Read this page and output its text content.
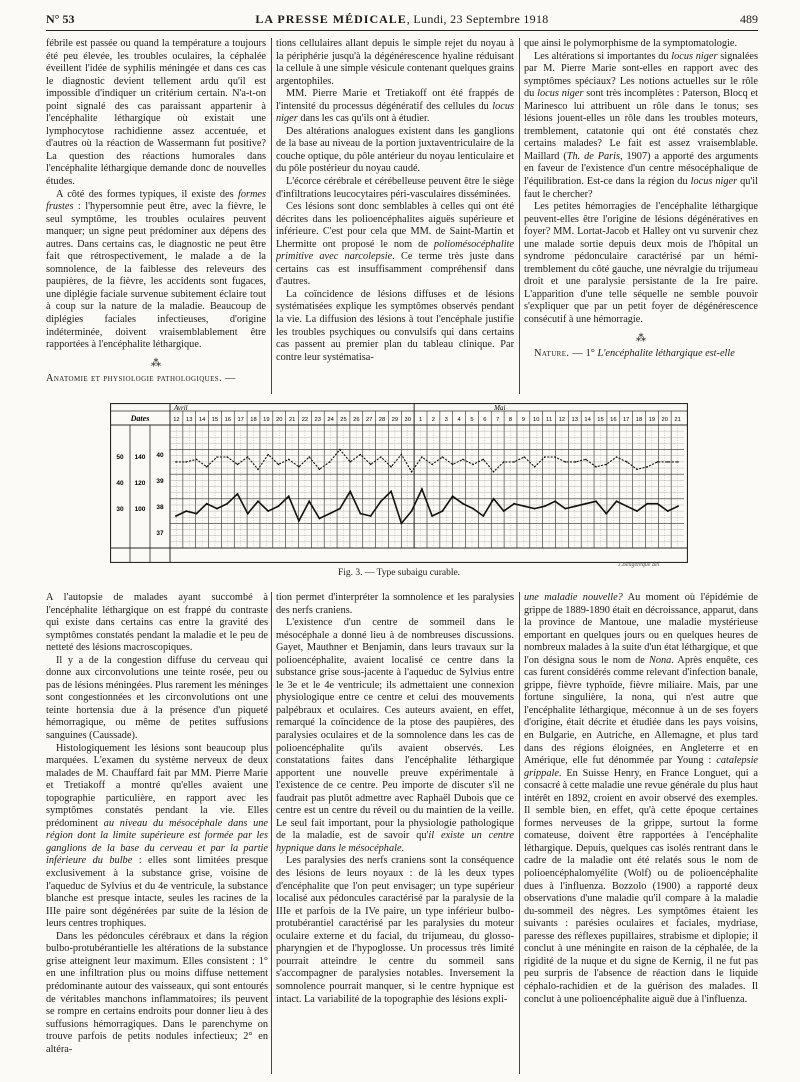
N° 53	LA PRESSE MÉDICALE, Lundi, 23 Septembre 1918	489

fébrile est passée ou quand la température a toujours été peu élevée, les troubles oculaires, la céphalée éveillent l'idée de syphilis méningée et dans ces cas le diagnostic devient tellement ardu qu'il est impossible d'indiquer un critérium certain. N'a-t-on point signalé des cas paraissant appartenir à l'encéphalite léthargique où existait une lymphocytose rachidienne assez accentuée, et d'autres où la réaction de Wassermann fut positive? La question des réactions humorales dans l'encéphalite léthargique demande donc de nouvelles études.

A côté des formes typiques, il existe des formes frustes : l'hypersomnie peut être, avec la fièvre, le seul symptôme, les troubles oculaires peuvent manquer; un signe peut prédominer aux dépens des autres. Dans certains cas, le diagnostic ne peut être fait que rétrospectivement, le malade a de la somnolence, de la faiblesse des releveurs des paupières, de la fièvre, les accidents sont fugaces, une diplégie faciale survenue subitement éclaire tout à coup sur la nature de la maladie. Beaucoup de diplégies faciales infectieuses, d'origine indéterminée, doivent vraisemblablement être rapportées à l'encéphalite léthargique.

⁂

Anatomie et physiologie pathologiques. —

tions cellulaires allant depuis le simple rejet du noyau à la périphérie jusqu'à la dégénérescence hyaline réduisant la cellule à une simple vésicule contenant quelques grains argentophiles.

MM. Pierre Marie et Tretiakoff ont été frappés de l'intensité du processus dégénératif des cellules du locus niger dans les cas qu'ils ont à étudier.

Des altérations analogues existent dans les ganglions de la base au niveau de la portion juxtaventriculaire de la couche optique, du pôle antérieur du noyau lenticulaire et du pôle postérieur du noyau caudé.

L'écorce cérébrale et cérébelleuse peuvent être le siège d'infiltrations leucocytaires péri-vasculaires disséminées.

Ces lésions sont donc semblables à celles qui ont été décrites dans les polioencéphalites aiguës supérieure et inférieure. C'est pour cela que MM. de Saint-Martin et Lhermitte ont proposé le nom de poliomésocéphalite primitive avec narcolepsie. Ce terme très juste dans certains cas est insuffisamment compréhensif dans d'autres.

La coïncidence de lésions diffuses et de lésions systématisées explique les symptômes observés pendant la vie. La diffusion des lésions à tout l'encéphale justifie les troubles psychiques ou convulsifs qui dans certains cas passent au premier plan du tableau clinique. Par contre leur systématisa-

que ainsi le polymorphisme de la symptomatologie.

Les altérations si importantes du locus niger signalées par M. Pierre Marie sont-elles en rapport avec des symptômes spéciaux? Les notions actuelles sur le rôle du locus niger sont très incomplètes : Paterson, Blocq et Marinesco lui attribuent un rôle dans le tonus; ses lésions jouent-elles un rôle dans les troubles moteurs, tremblement, catatonie qui ont été constatés chez certains malades? Le fait est assez vraisemblable. Maillard (Th. de Paris, 1907) a apporté des arguments en faveur de l'existence d'un centre mésocéphalique de l'équilibration. Est-ce dans la région du locus niger qu'il faut le chercher?

Les petites hémorragies de l'encéphalite léthargique peuvent-elles être l'origine de lésions dégénératives en foyer? MM. Lortat-Jacob et Halley ont vu survenir chez une malade sortie depuis deux mois de l'hôpital un syndrome pédonculaire caractérisé par un hémi-tremblement du côté gauche, une névralgie du trijumeau droit et une paralysie persistante de la Ire paire. L'apparition d'une telle séquelle ne semble pouvoir s'expliquer que par un petit foyer de dégénérescence consécutif à une hémorragie.

⁂

Nature. — 1° L'encéphalite léthargique est-elle

Dates
Avril	Mai
12 13 14 15 16 17 18 19 20 21 22 23 24 25 26 27 28 29 30 1 2 3 4 5 6 7 8 9 10 11 12 13 14 15 16 17 18 19 20 21
50
40
30
140
120
100
40
39
38
37
J.Beugereque del
Fig. 3. — Type subaigu curable.

A l'autopsie de malades ayant succombé à l'encéphalite léthargique on est frappé du contraste qui existe dans certains cas entre la gravité des symptômes constatés pendant la maladie et le peu de netteté des lésions macroscopiques.

Il y a de la congestion diffuse du cerveau qui donne aux circonvolutions une teinte rosée, peu ou pas de lésions méningées. Plus rarement les méninges sont congestionnées et les circonvolutions ont une teinte hortensia due à la présence d'un piqueté hémorragique, ou même de petites suffusions sanguines (Caussade).

Histologiquement les lésions sont beaucoup plus marquées. L'examen du système nerveux de deux malades de M. Chauffard fait par MM. Pierre Marie et Tretiakoff a montré qu'elles avaient une topographie particulière, en rapport avec les symptômes constatés pendant la vie. Elles prédominent au niveau du mésocéphale dans une région dont la limite supérieure est formée par les ganglions de la base du cerveau et par la partie inférieure du bulbe : elles sont limitées presque exclusivement à la substance grise, voisine de l'aqueduc de Sylvius et du 4e ventricule, la substance blanche est presque intacte, seules les racines de la IIIe paire sont dégénérées par suite de la lésion de leurs centres trophiques.

Dans les pédoncules cérébraux et dans la région bulbo-protubérantielle les altérations de la substance grise atteignent leur maximum. Elles consistent : 1° en une infiltration plus ou moins diffuse nettement prédominante autour des vaisseaux, qui sont entourés de véritables manchons inflammatoires; ils peuvent se rompre en certains endroits pour donner lieu à des suffusions hémorragiques. Dans le parenchyme on trouve parfois de petits nodules infectieux; 2° en altéra-

tion permet d'interpréter la somnolence et les paralysies des nerfs craniens.

L'existence d'un centre de sommeil dans le mésocéphale a donné lieu à de nombreuses discussions. Gayet, Mauthner et Benjamin, dans leurs travaux sur la polioencéphalite, avaient localisé ce centre dans la substance grise sous-jacente à l'aqueduc de Sylvius entre le 3e et le 4e ventricule; ils admettaient une connexion physiologique entre ce centre et celui des mouvements palpébraux et oculaires. Ces auteurs avaient, en effet, remarqué la coïncidence de la ptose des paupières, des paralysies oculaires et de la somnolence dans les cas de polioencéphalite qu'ils avaient observés. Les constatations faites dans l'encéphalite léthargique apportent une nouvelle preuve expérimentale à l'existence de ce centre. Peu importe de discuter s'il ne faudrait pas plutôt admettre avec Raphaël Dubois que ce centre est un centre du réveil ou du maintien de la veille. Le seul fait important, pour la physiologie pathologique de la maladie, est de savoir qu'il existe un centre hypnique dans le mésocéphale.

Les paralysies des nerfs craniens sont la conséquence des lésions de leurs noyaux : de là les deux types d'encéphalite que l'on peut envisager; un type supérieur localisé aux pédoncules caractérisé par la paralysie de la IIIe et parfois de la IVe paire, un type inférieur bulbo-protubérantiel caractérisé par les paralysies du moteur oculaire externe et du facial, du trijumeau, du glosso-pharyngien et de l'hypoglosse. Un processus très limité pourrait atteindre le centre du sommeil sans s'accompagner de paralysies notables. Inversement la somnolence pourrait manquer, si le centre hypnique est intact. La variabilité de la topographie des lésions expli-

une maladie nouvelle? Au moment où l'épidémie de grippe de 1889-1890 était en décroissance, apparut, dans la province de Mantoue, une maladie mystérieuse emportant en quelques jours ou en quelques heures de nombreux malades à la suite d'un état léthargique, et que l'on désigna sous le nom de Nona. Après enquête, ces cas furent considérés comme relevant d'infection banale, grippe, fièvre typhoïde, fièvre miliaire. Mais, par une fortune singulière, la nona, qui n'est autre que l'encéphalite léthargique, méconnue à un de ses foyers d'origine, était décrite et étudiée dans les pays voisins, en Bulgarie, en Autriche, en Allemagne, et plus tard dans des régions éloignées, en Angleterre et en Amérique, elle fut dénommée par Young : catalepsie grippale. En Suisse Henry, en France Longuet, qui a consacré à cette maladie une revue générale du plus haut intérêt en 1892, croient en avoir observé des exemples. Il semble bien, en effet, qu'à cette époque certaines formes nerveuses de la grippe, surtout la forme comateuse, doivent être rapportées à l'encéphalite léthargique. Depuis, quelques cas isolés rentrant dans le cadre de la maladie ont été relatés sous le nom de polioencéphalomyélite (Wolf) ou de polioencéphalite dues à l'influenza. Bozzolo (1900) a rapporté deux observations d'une maladie qu'il compare à la maladie du-sommeil des nègres. Les symptômes étaient les suivants : parésies oculaires et faciales, mydriase, paresse des réflexes pupillaires, strabisme et diplopie; il conclut à une méningite en raison de la céphalée, de la rigidité de la nuque et du signe de Kernig, il ne fut pas peu surpris de l'absence de réaction dans le liquide céphalo-rachidien et de la guérison des malades. Il conclut à une polioencéphalite aiguë due à l'influenza.
